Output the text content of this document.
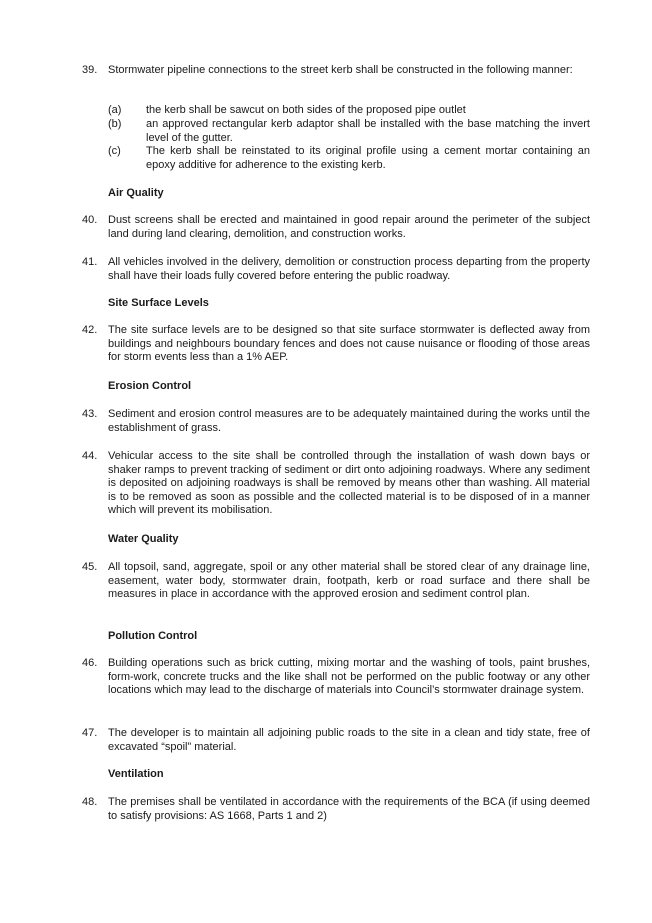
39. Stormwater pipeline connections to the street kerb shall be constructed in the following manner:
(a) the kerb shall be sawcut on both sides of the proposed pipe outlet
(b) an approved rectangular kerb adaptor shall be installed with the base matching the invert level of the gutter.
(c) The kerb shall be reinstated to its original profile using a cement mortar containing an epoxy additive for adherence to the existing kerb.
Air Quality
40. Dust screens shall be erected and maintained in good repair around the perimeter of the subject land during land clearing, demolition, and construction works.
41. All vehicles involved in the delivery, demolition or construction process departing from the property shall have their loads fully covered before entering the public roadway.
Site Surface Levels
42. The site surface levels are to be designed so that site surface stormwater is deflected away from buildings and neighbours boundary fences and does not cause nuisance or flooding of those areas for storm events less than a 1% AEP.
Erosion Control
43. Sediment and erosion control measures are to be adequately maintained during the works until the establishment of grass.
44. Vehicular access to the site shall be controlled through the installation of wash down bays or shaker ramps to prevent tracking of sediment or dirt onto adjoining roadways. Where any sediment is deposited on adjoining roadways is shall be removed by means other than washing. All material is to be removed as soon as possible and the collected material is to be disposed of in a manner which will prevent its mobilisation.
Water Quality
45. All topsoil, sand, aggregate, spoil or any other material shall be stored clear of any drainage line, easement, water body, stormwater drain, footpath, kerb or road surface and there shall be measures in place in accordance with the approved erosion and sediment control plan.
Pollution Control
46. Building operations such as brick cutting, mixing mortar and the washing of tools, paint brushes, form-work, concrete trucks and the like shall not be performed on the public footway or any other locations which may lead to the discharge of materials into Council’s stormwater drainage system.
47. The developer is to maintain all adjoining public roads to the site in a clean and tidy state, free of excavated “spoil” material.
Ventilation
48. The premises shall be ventilated in accordance with the requirements of the BCA (if using deemed to satisfy provisions: AS 1668, Parts 1 and 2)
